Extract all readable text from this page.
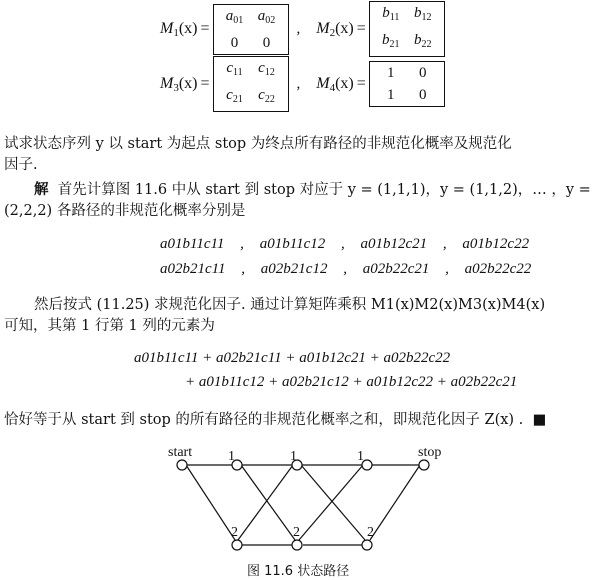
$M_1(x)$ =
$a_{01}$ $a_{02}$
0	0
, $M_2(x)$ =
$b_{11}$ $b_{12}$
$b_{21}$ $b_{22}$
$M_3(x)$ =
$c_{11}$	$c_{12}$
$c_{21}$	$c_{22}$
, $M_4(x)$ =
1	0
1	0
试求状态序列 y 以 start 为起点 stop 为终点所有路径的非规范化概率及规范化
因子.
解 首先计算图 11.6 中从 start 到 stop 对应于 y = (1,1,1)，y = (1,1,2)，… ，y =
(2,2,2) 各路径的非规范化概率分别是
a01b11c11 , a01b11c12 , a01b12c21 , a01b12c22
a02b21c11 , a02b21c12 , a02b22c21 , a02b22c22
然后按式 (11.25) 求规范化因子. 通过计算矩阵乘积 M1(x)M2(x)M3(x)M4(x)
可知，其第 1 行第 1 列的元素为
a01b11c11 + a02b21c11 + a01b12c21 + a02b22c22
+ a01b11c12 + a02b21c12 + a01b12c22 + a02b22c21
恰好等于从 start 到 stop 的所有路径的非规范化概率之和，即规范化因子 Z(x) . ■
start	stop
1	1	1
2	2	2
图 11.6 状态路径
